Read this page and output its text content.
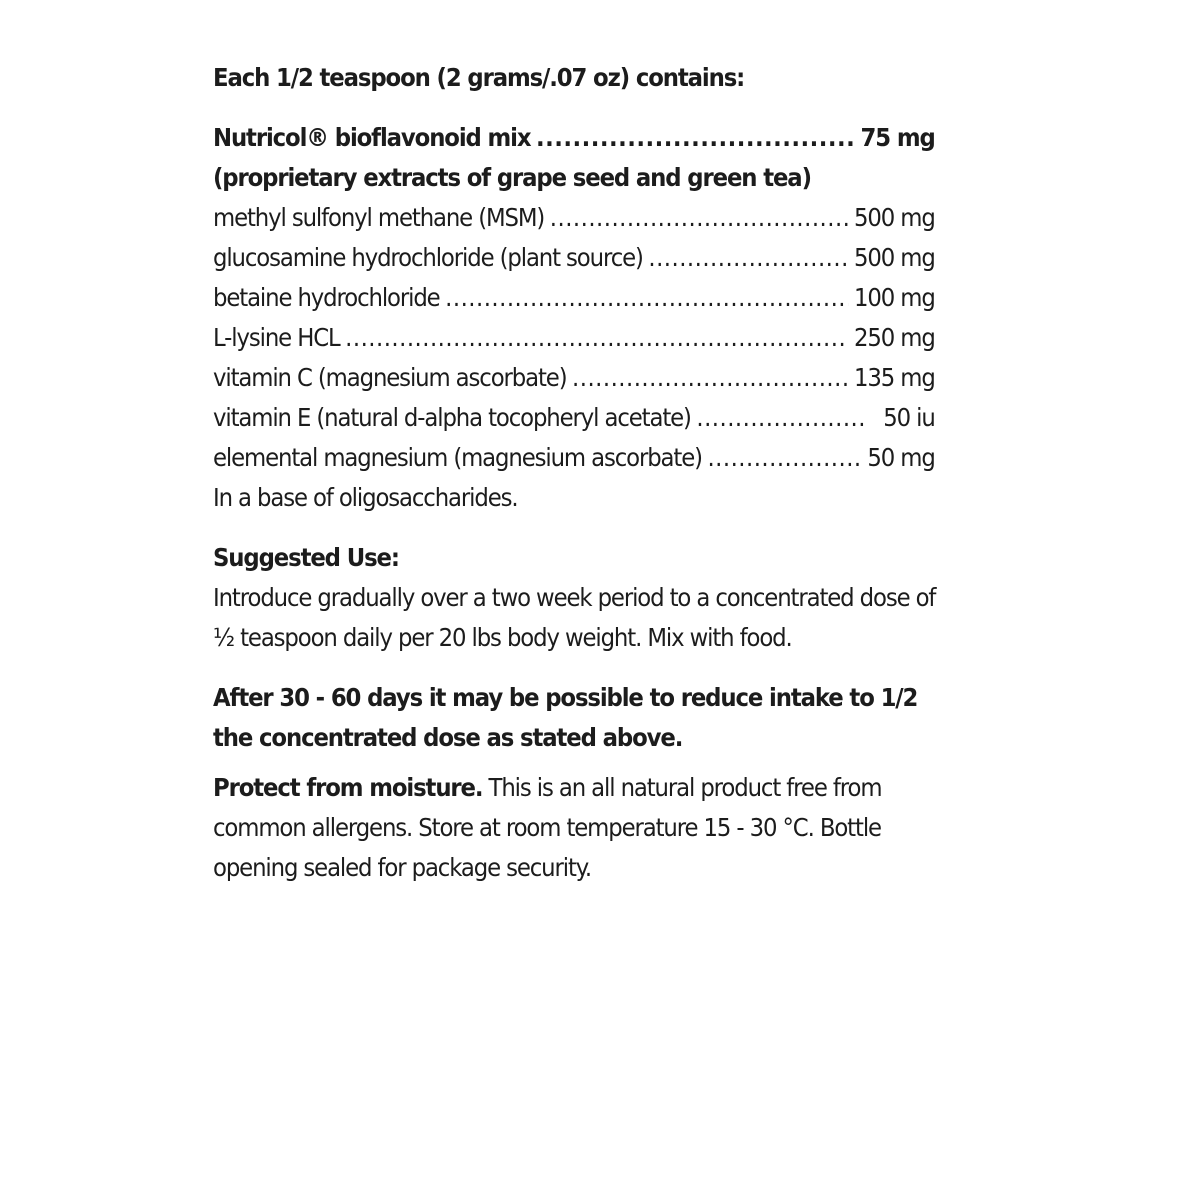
Each 1/2 teaspoon (2 grams/.07 oz) contains:
Nutricol® bioflavonoid mix .....	75 mg
(proprietary extracts of grape seed and green tea)
methyl sulfonyl methane (MSM) .....	500 mg
glucosamine hydrochloride (plant source) .....	500 mg
betaine hydrochloride .....	100 mg
L-lysine HCL .....	250 mg
vitamin C (magnesium ascorbate) .....	135 mg
vitamin E (natural d-alpha tocopheryl acetate) .....	50 iu
elemental magnesium (magnesium ascorbate) .....	50 mg
In a base of oligosaccharides.
Suggested Use:
Introduce gradually over a two week period to a concentrated dose of
½ teaspoon daily per 20 lbs body weight. Mix with food.
After 30 - 60 days it may be possible to reduce intake to 1/2
the concentrated dose as stated above.
Protect from moisture. This is an all natural product free from
common allergens. Store at room temperature 15 - 30 °C. Bottle
opening sealed for package security.
